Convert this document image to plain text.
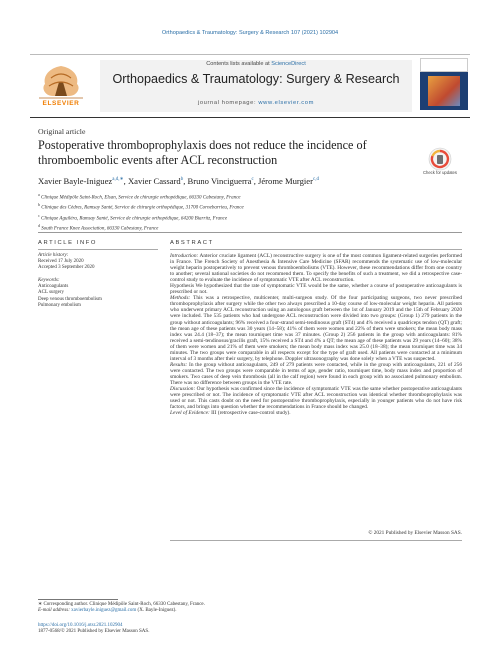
Orthopaedics & Traumatology: Surgery & Research 107 (2021) 102904
ELSEVIER
Contents lists available at ScienceDirect
Orthopaedics & Traumatology: Surgery & Research
journal homepage: www.elsevier.com
Original article
Postoperative thromboprophylaxis does not reduce the incidence of thromboembolic events after ACL reconstruction
Check for updates
Xavier Bayle-Iniguez$^{a,d,∗}$, Xavier Cassard$^b$, Bruno Vinciguerra$^c$, Jérome Murgier$^{c,d}$
$^a$ Clinique Médipôle Saint-Roch, Elsan, Service de chirurgie orthopédique, 66330 Cabestany, France
$^b$ Clinique des Cèdres, Ramsay Santé, Service de chirurgie orthopédique, 31700 Cornebarrieu, France
$^c$ Clinique Aguiléra, Ramsay Santé, Service de chirurgie orthopédique, 64200 Biarritz, France
$^d$ South France Knee Association, 66330 Cabestany, France
ARTICLE INFO	ABSTRACT
Article history:
Received 17 July 2020
Accepted 3 September 2020
Keywords:
Anticoagulants
ACL surgery
Deep venous thromboembolism
Pulmonary embolism

Introduction: Anterior cruciate ligament (ACL) reconstructive surgery is one of the most common ligament-related surgeries performed in France. The French Society of Anesthesia & Intensive Care Medicine (SFAR) recommends the systematic use of low-molecular weight heparin postoperatively to prevent venous thromboembolisms (VTE). However, these recommendations differ from one country to another; several national societies do not recommend them. To specify the benefits of such a treatment, we did a retrospective case-control study to evaluate the incidence of symptomatic VTE after ACL reconstruction.

Hypothesis We hypothesized that the rate of symptomatic VTE would be the same, whether a course of postoperative anticoagulants is prescribed or not.

Methods: This was a retrospective, multicenter, multi-surgeon study. Of the four participating surgeons, two never prescribed thromboprophylaxis after surgery while the other two always prescribed a 10-day course of low-molecular weight heparin. All patients who underwent primary ACL reconstruction using an autologous graft between the 1st of January 2019 and the 15th of February 2020 were included. The 535 patients who had undergone ACL reconstruction were divided into two groups: (Group 1) 279 patients in the group without anticoagulants; 96% received a four-strand semi-tendinosus graft (ST4) and 4% received a quadriceps tendon (QT) graft; the mean age of these patients was 30 years (14–58); 41% of them were women and 22% of them were smokers; the mean body mass index was 24.4 (18–37); the mean tourniquet time was 37 minutes. (Group 2) 256 patients in the group with anticoagulants: 81% received a semi-tendinosus/gracilis graft, 15% received a ST4 and 4% a QT; the mean age of these patients was 29 years (14–60); 38% of them were women and 21% of them were smokers; the mean body mass index was 25.0 (18–38); the mean tourniquet time was 34 minutes. The two groups were comparable in all respects except for the type of graft used. All patients were contacted at a minimum interval of 3 months after their surgery, by telephone. Doppler ultrasonography was done solely when a VTE was suspected.

Results: In the group without anticoagulants, 249 of 279 patients were contacted, while in the group with anticoagulants, 221 of 256 were contacted. The two groups were comparable in terms of age, gender ratio, tourniquet time, body mass index and proportion of smokers. Two cases of deep vein thrombosis (all in the calf region) were found in each group with no associated pulmonary embolism. There was no difference between groups in the VTE rate.

Discussion: Our hypothesis was confirmed since the incidence of symptomatic VTE was the same whether postoperative anticoagulants were prescribed or not. The incidence of symptomatic VTE after ACL reconstruction was identical whether thromboprophylaxis was used or not. This casts doubt on the need for postoperative thromboprophylaxis, especially in younger patients who do not have risk factors, and brings into question whether the recommendations in France should be changed.

Level of Evidence: III (retrospective case-control study).

© 2021 Published by Elsevier Masson SAS.
∗ Corresponding author. Clinique Médipôle Saint-Roch, 66330 Cabestany, France.
E-mail address: xavierbayle.iniguez@gmail.com (X. Bayle-Iniguez).
https://doi.org/10.1016/j.otsr.2021.102904
1877-0568/© 2021 Published by Elsevier Masson SAS.
